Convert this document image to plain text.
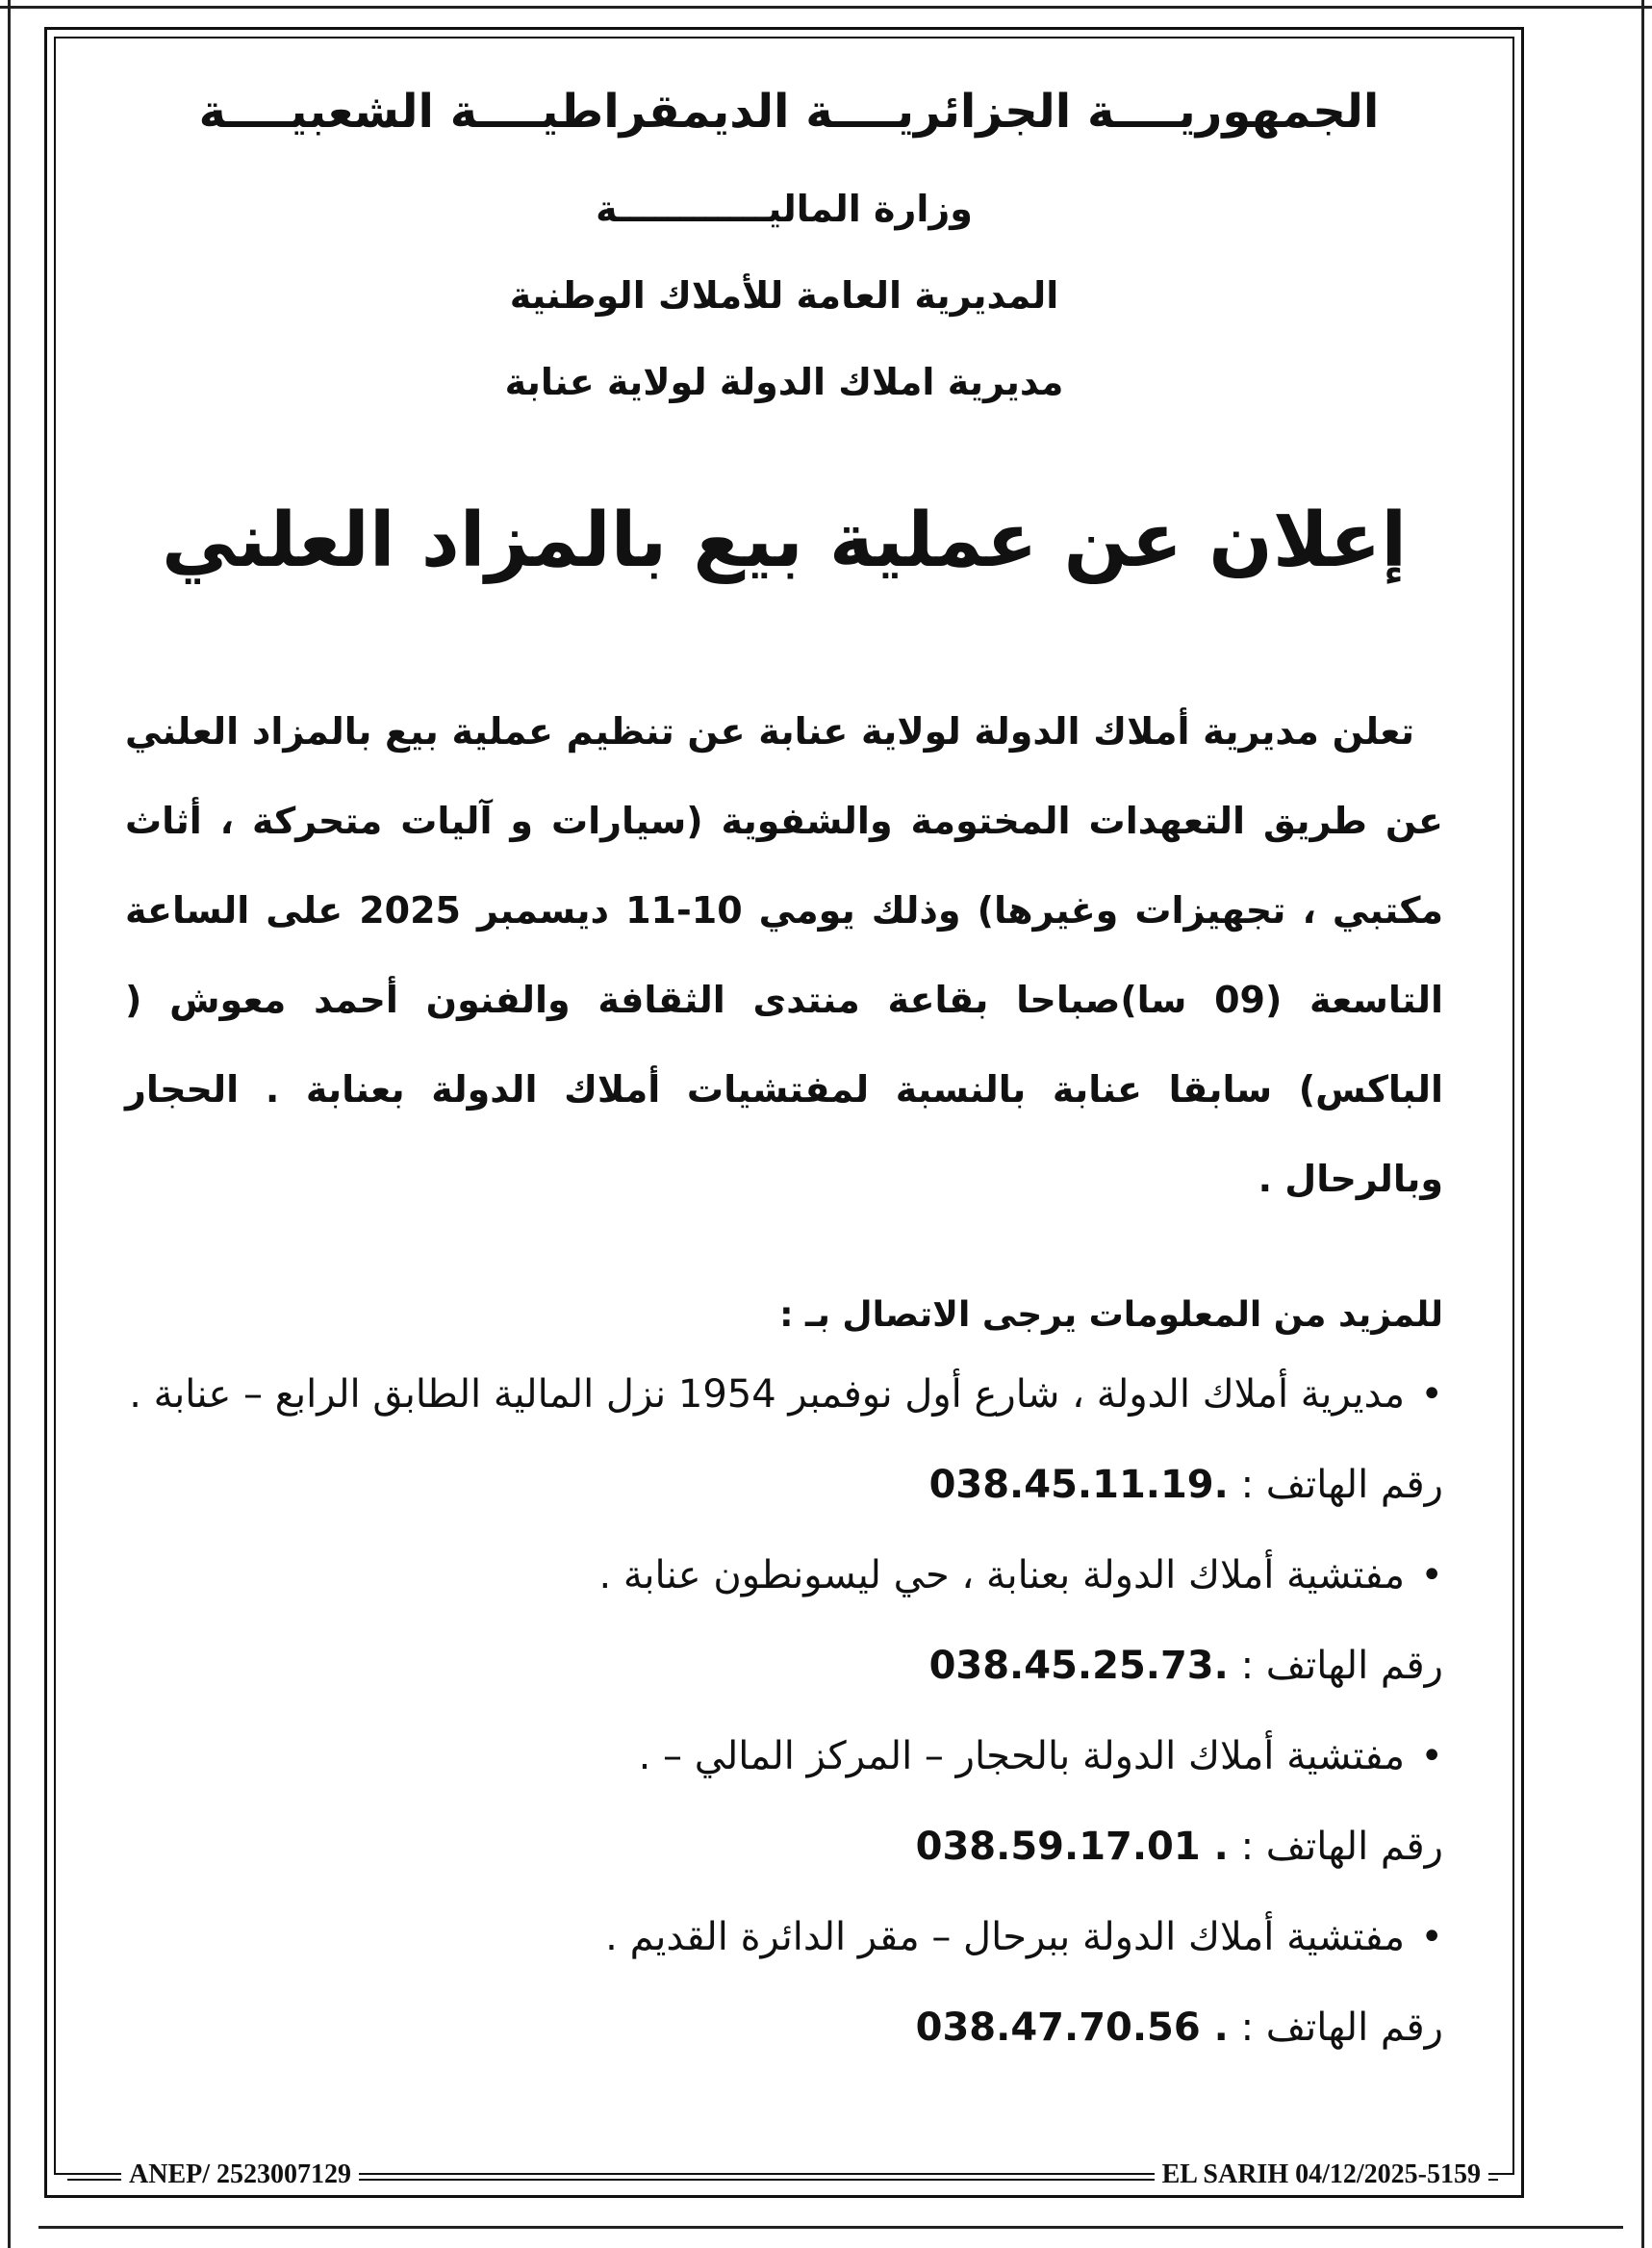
الجمهوريــــة الجزائريــــة الديمقراطيــــة الشعبيــــة
وزارة الماليــــــــــــة
المديرية العامة للأملاك الوطنية
مديرية املاك الدولة لولاية عنابة
إعلان عن عملية بيع بالمزاد العلني
تعلن مديرية أملاك الدولة لولاية عنابة عن تنظيم عملية بيع بالمزاد العلني عن طريق التعهدات المختومة والشفوية (سيارات و آليات متحركة ، أثاث مكتبي ، تجهيزات وغيرها) وذلك يومي 10-11 ديسمبر 2025 على الساعة التاسعة (09 سا)صباحا بقاعة منتدى الثقافة والفنون أحمد معوش ( الباكس) سابقا عنابة بالنسبة لمفتشيات أملاك الدولة بعنابة . الحجار وبالرحال .
للمزيد من المعلومات يرجى الاتصال بـ :
•
مديرية أملاك الدولة ، شارع أول نوفمبر 1954 نزل المالية الطابق الرابع – عنابة .
رقم الهاتف : 038.45.11.19.
•
مفتشية أملاك الدولة بعنابة ، حي ليسونطون عنابة .
رقم الهاتف : 038.45.25.73.
•
مفتشية أملاك الدولة بالحجار – المركز المالي – .
رقم الهاتف : 038.59.17.01 .
•
مفتشية أملاك الدولة ببرحال – مقر الدائرة القديم .
رقم الهاتف : 038.47.70.56 .
ANEP/ 2523007129	EL SARIH 04/12/2025-5159
